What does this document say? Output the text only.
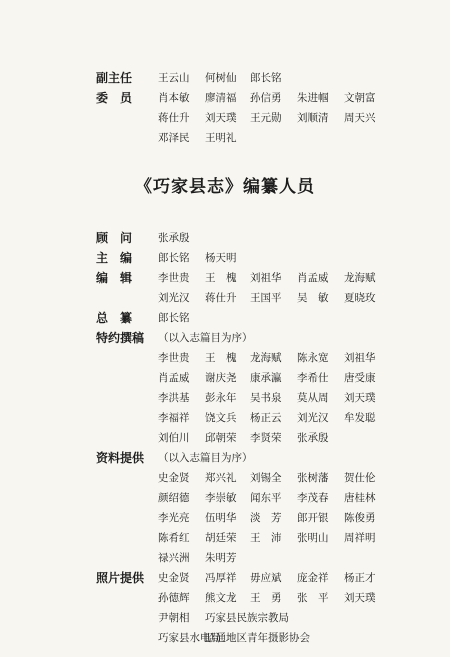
《巧家县志》编纂人员
副主任	王云山 何树仙 郎长铭
委　员	肖本敏 廖清福 孙信勇 朱进帼 文朝富
蒋仕升 刘天璞 王元勋 刘顺清 周天兴
邓泽民 王明礼
顾　问	张承殷
主　编	郎长铭 杨天明
编　辑	李世贵 王　槐 刘祖华 肖孟威 龙海赋
刘光汉 蒋仕升 王国平 吴　敏 夏晓玫
总　纂	郎长铭
特约撰稿	（以入志篇目为序）
李世贵 王　槐 龙海赋 陈永宽 刘祖华
肖孟威 谢庆尧 康承瀛 李希仕 唐受康
李洪基 彭永年 吴书泉 莫从周 刘天璞
李福祥 饶文兵 杨正云 刘光汉 牟发聪
刘伯川 邱朝荣 李贤荣 张承殷
资料提供	（以入志篇目为序）
史金贤 郑兴礼 刘锡全 张树藩 贺仕伦
颜绍德 李崇敏 闻东平 李茂春 唐桂林
李光亮 伍明华 淡　芳 郎开银 陈俊勇
陈肴红 胡廷荣 王　沛 张明山 周祥明
禄兴洲 朱明芳
照片提供	史金贤 冯厚祥 毋应斌 庞金祥 杨正才
孙德辉 熊文龙 王　勇 张　平 刘天璞
尹朝相 巧家县民族宗教局
巧家县水电局
昭通地区青年摄影协会
